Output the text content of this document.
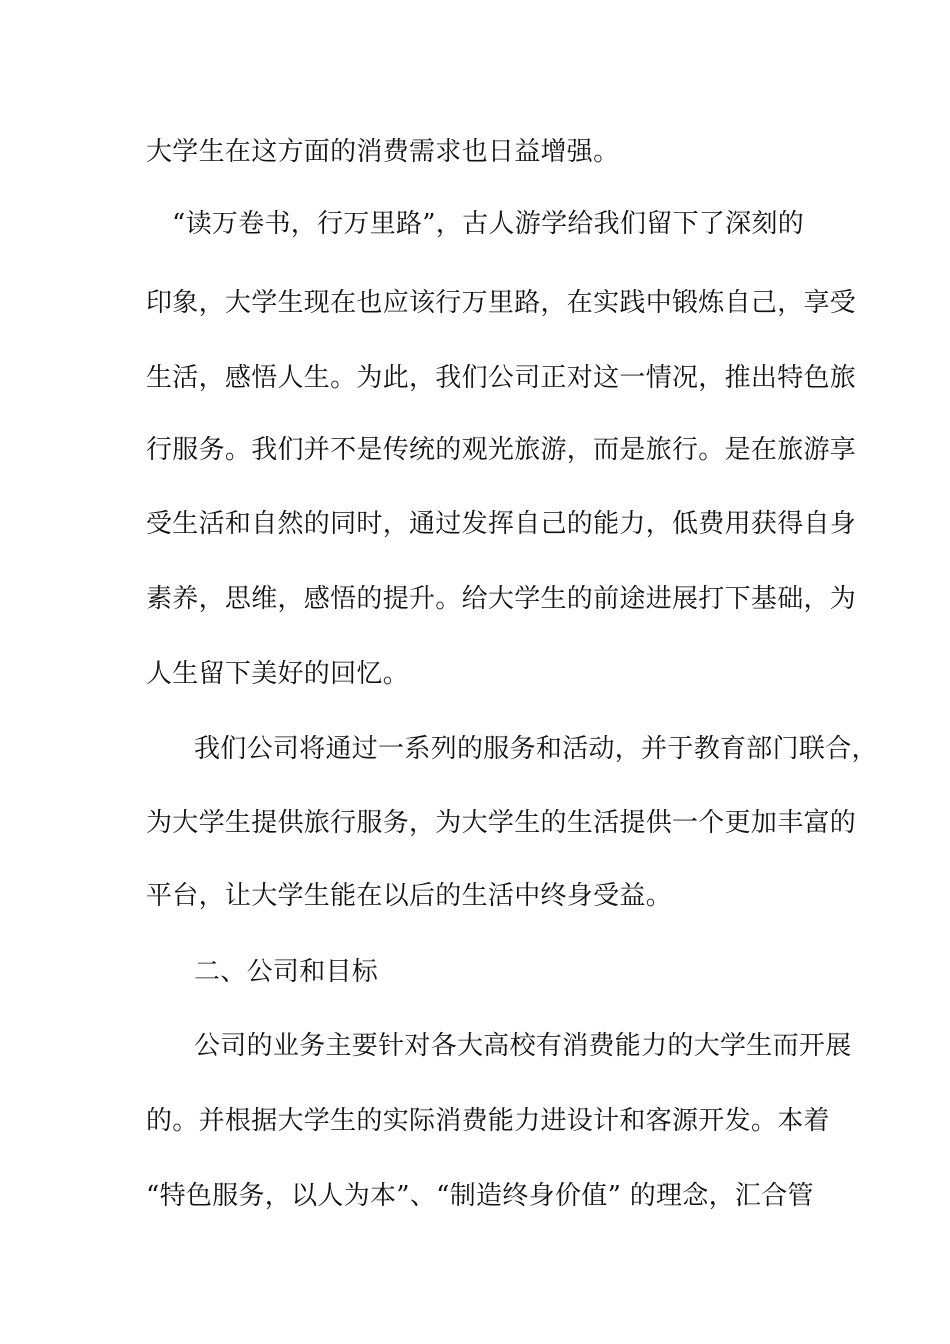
大学生在这方面的消费需求也日益增强。
“读万卷书，行万里路”，古人游学给我们留下了深刻的
印象，大学生现在也应该行万里路，在实践中锻炼自己，享受
生活，感悟人生。为此，我们公司正对这一情况，推出特色旅
行服务。我们并不是传统的观光旅游，而是旅行。是在旅游享
受生活和自然的同时，通过发挥自己的能力，低费用获得自身
素养，思维，感悟的提升。给大学生的前途进展打下基础，为
人生留下美好的回忆。
我们公司将通过一系列的服务和活动，并于教育部门联合，
为大学生提供旅行服务，为大学生的生活提供一个更加丰富的
平台，让大学生能在以后的生活中终身受益。
二、公司和目标
公司的业务主要针对各大高校有消费能力的大学生而开展
的。并根据大学生的实际消费能力进设计和客源开发。本着
“特色服务，以人为本”、“制造终身价值” 的理念，汇合管
